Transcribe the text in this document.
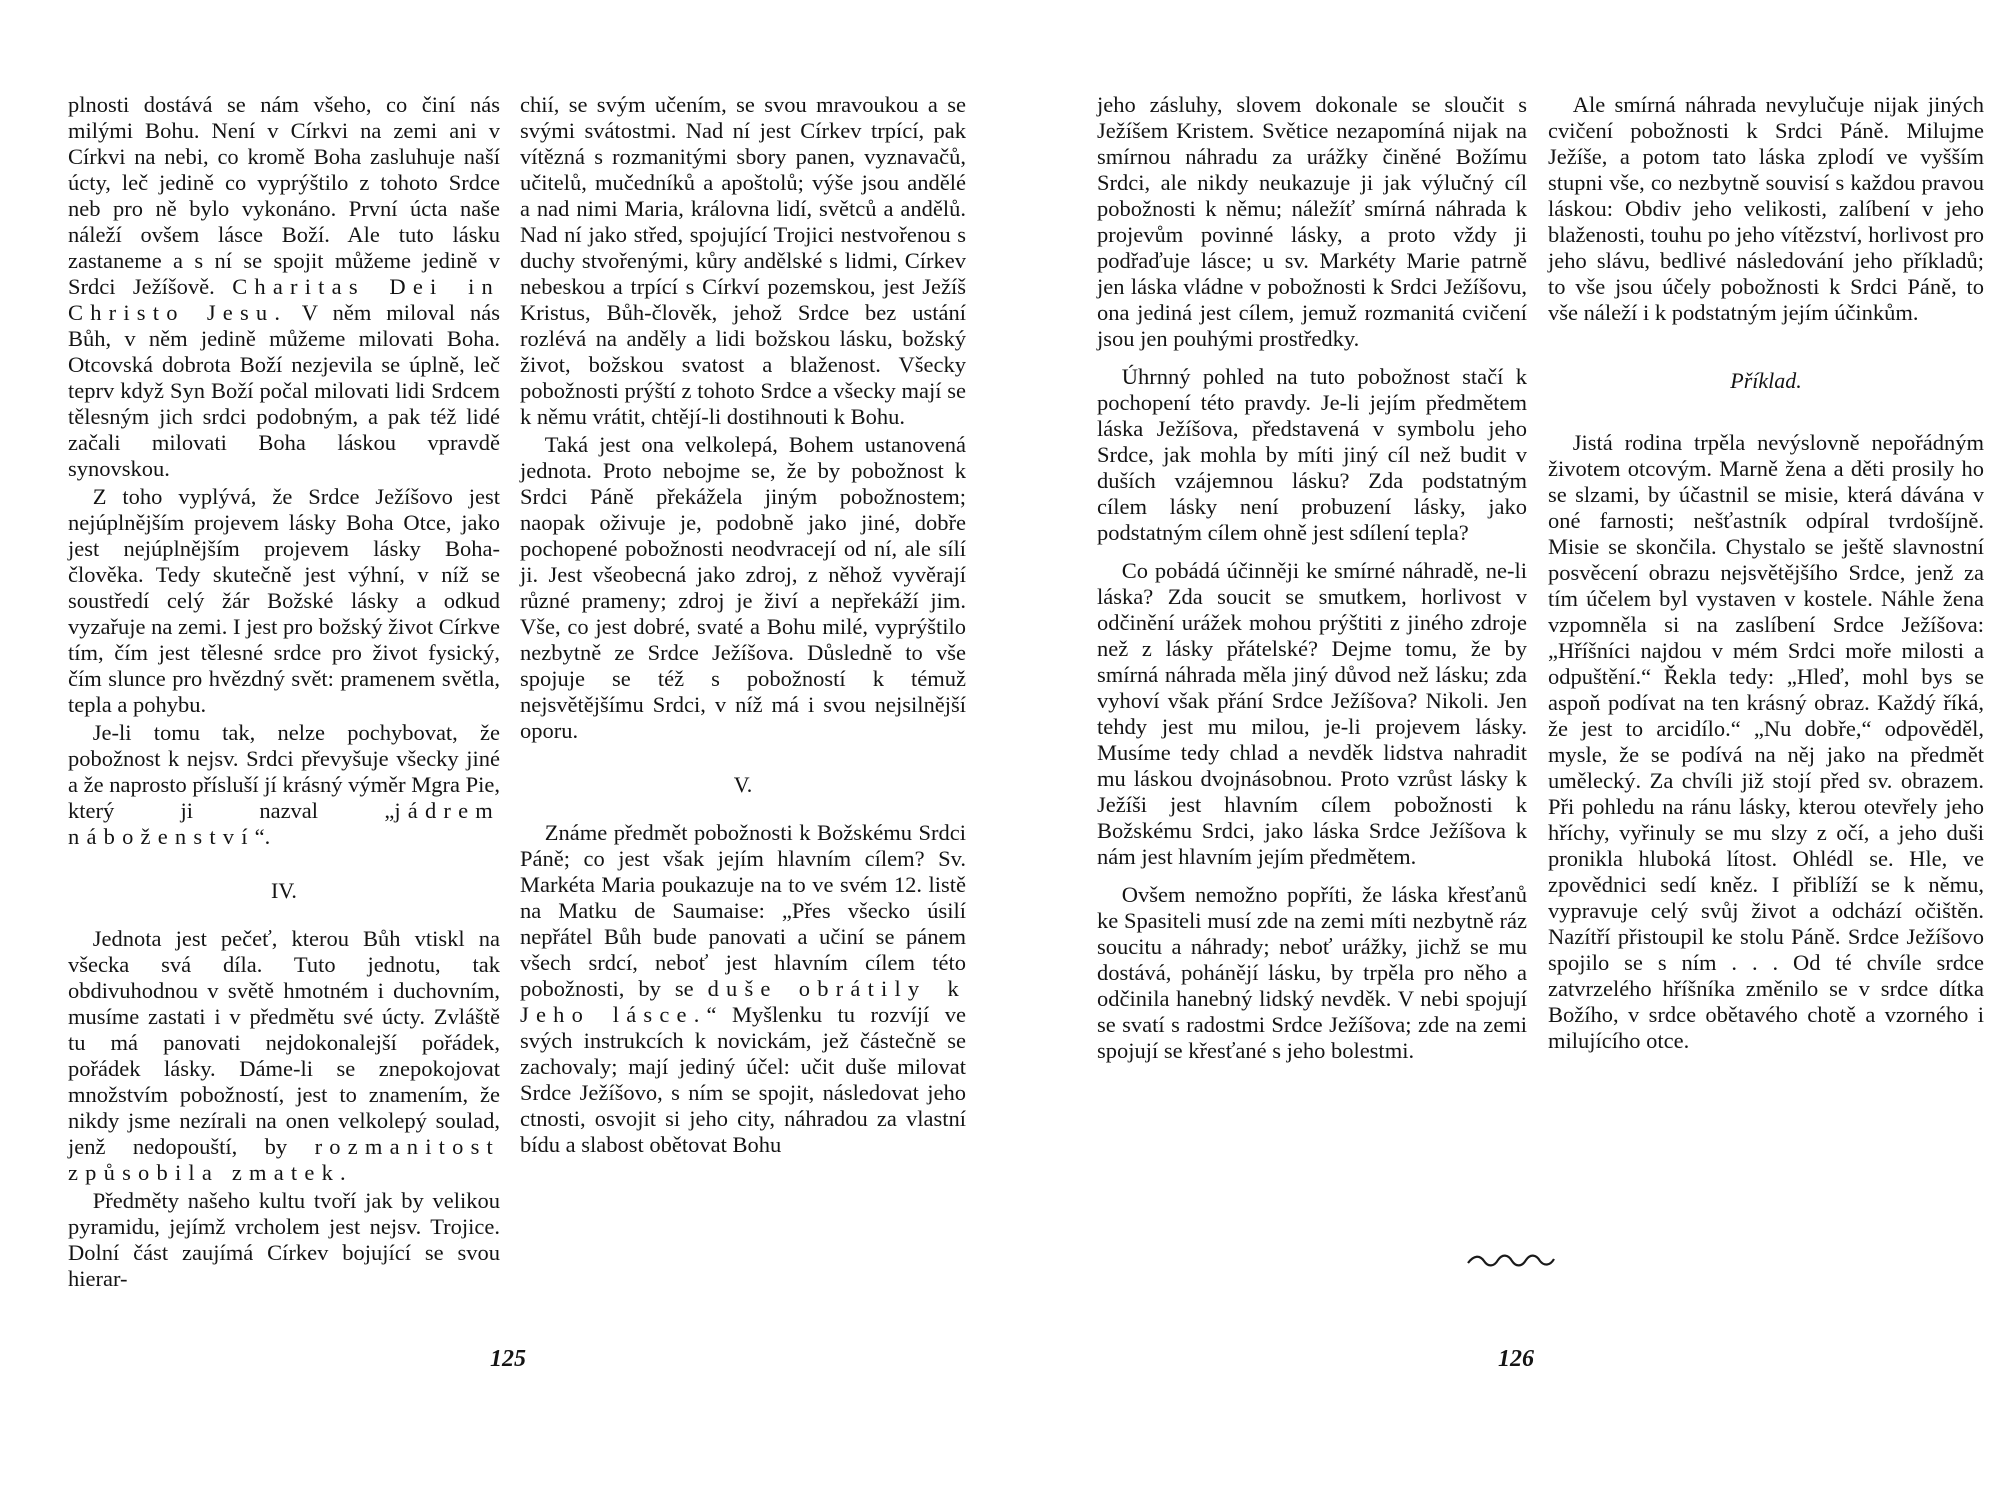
plnosti dostává se nám všeho, co činí nás milými Bohu. Není v Církvi na zemi ani v Církvi na nebi, co kromě Boha zasluhuje naší úcty, leč jedině co vyprýštilo z tohoto Srdce neb pro ně bylo vykonáno. První úcta naše náleží ovšem lásce Boží. Ale tuto lásku zastaneme a s ní se spojit můžeme jedině v Srdci Ježíšově. Charitas Dei in Christo Jesu. V něm miloval nás Bůh, v něm jedině můžeme milovati Boha. Otcovská dobrota Boží nezjevila se úplně, leč teprv když Syn Boží počal milovati lidi Srdcem tělesným jich srdci podobným, a pak též lidé začali milovati Boha láskou vpravdě synovskou.

Z toho vyplývá, že Srdce Ježíšovo jest nejúplnějším projevem lásky Boha Otce, jako jest nejúplnějším projevem lásky Boha-člověka. Tedy skutečně jest výhní, v níž se soustředí celý žár Božské lásky a odkud vyzařuje na zemi. I jest pro božský život Církve tím, čím jest tělesné srdce pro život fysický, čím slunce pro hvězdný svět: pramenem světla, tepla a pohybu.

Je-li tomu tak, nelze pochybovat, že pobožnost k nejsv. Srdci převyšuje všecky jiné a že naprosto přísluší jí krásný výměr Mgra Pie, který ji nazval „jádrem náboženství“.

IV.

Jednota jest pečeť, kterou Bůh vtiskl na všecka svá díla. Tuto jednotu, tak obdivuhodnou v světě hmotném i duchovním, musíme zastati i v předmětu své úcty. Zvláště tu má panovati nejdokonalejší pořádek, pořádek lásky. Dáme-li se znepokojovat množstvím pobožností, jest to znamením, že nikdy jsme nezírali na onen velkolepý soulad, jenž nedopouští, by rozmanitost způsobila zmatek.

Předměty našeho kultu tvoří jak by velikou pyramidu, jejímž vrcholem jest nejsv. Trojice. Dolní část zaujímá Církev bojující se svou hierar-

chií, se svým učením, se svou mravoukou a se svými svátostmi. Nad ní jest Církev trpící, pak vítězná s rozmanitými sbory panen, vyznavačů, učitelů, mučedníků a apoštolů; výše jsou andělé a nad nimi Maria, královna lidí, světců a andělů. Nad ní jako střed, spojující Trojici nestvořenou s duchy stvořenými, kůry andělské s lidmi, Církev nebeskou a trpící s Církví pozemskou, jest Ježíš Kristus, Bůh-člověk, jehož Srdce bez ustání rozlévá na anděly a lidi božskou lásku, božský život, božskou svatost a blaženost. Všecky pobožnosti prýští z tohoto Srdce a všecky mají se k němu vrátit, chtějí-li dostihnouti k Bohu.

Taká jest ona velkolepá, Bohem ustanovená jednota. Proto nebojme se, že by pobožnost k Srdci Páně překážela jiným pobožnostem; naopak oživuje je, podobně jako jiné, dobře pochopené pobožnosti neodvracejí od ní, ale sílí ji. Jest všeobecná jako zdroj, z něhož vyvěrají různé prameny; zdroj je živí a nepřekáží jim. Vše, co jest dobré, svaté a Bohu milé, vyprýštilo nezbytně ze Srdce Ježíšova. Důsledně to vše spojuje se též s pobožností k témuž nejsvětějšímu Srdci, v níž má i svou nejsilnější oporu.

V.

Známe předmět pobožnosti k Božskému Srdci Páně; co jest však jejím hlavním cílem? Sv. Markéta Maria poukazuje na to ve svém 12. listě na Matku de Saumaise: „Přes všecko úsilí nepřátel Bůh bude panovati a učiní se pánem všech srdcí, neboť jest hlavním cílem této pobožnosti, by se duše obrátily k Jeho lásce.“ Myšlenku tu rozvíjí ve svých instrukcích k novickám, jež částečně se zachovaly; mají jediný účel: učit duše milovat Srdce Ježíšovo, s ním se spojit, následovat jeho ctnosti, osvojit si jeho city, náhradou za vlastní bídu a slabost obětovat Bohu

125

jeho zásluhy, slovem dokonale se sloučit s Ježíšem Kristem. Světice nezapomíná nijak na smírnou náhradu za urážky činěné Božímu Srdci, ale nikdy neukazuje ji jak výlučný cíl pobožnosti k němu; náležíť smírná náhrada k projevům povinné lásky, a proto vždy ji podřaďuje lásce; u sv. Markéty Marie patrně jen láska vládne v pobožnosti k Srdci Ježíšovu, ona jediná jest cílem, jemuž rozmanitá cvičení jsou jen pouhými prostředky.

Úhrnný pohled na tuto pobožnost stačí k pochopení této pravdy. Je-li jejím předmětem láska Ježíšova, představená v symbolu jeho Srdce, jak mohla by míti jiný cíl než budit v duších vzájemnou lásku? Zda podstatným cílem lásky není probuzení lásky, jako podstatným cílem ohně jest sdílení tepla?

Co pobádá účinněji ke smírné náhradě, ne-li láska? Zda soucit se smutkem, horlivost v odčinění urážek mohou prýštiti z jiného zdroje než z lásky přátelské? Dejme tomu, že by smírná náhrada měla jiný důvod než lásku; zda vyhoví však přání Srdce Ježíšova? Nikoli. Jen tehdy jest mu milou, je-li projevem lásky. Musíme tedy chlad a nevděk lidstva nahradit mu láskou dvojnásobnou. Proto vzrůst lásky k Ježíši jest hlavním cílem pobožnosti k Božskému Srdci, jako láska Srdce Ježíšova k nám jest hlavním jejím předmětem.

Ovšem nemožno popříti, že láska křesťanů ke Spasiteli musí zde na zemi míti nezbytně ráz soucitu a náhrady; neboť urážky, jichž se mu dostává, pohánějí lásku, by trpěla pro něho a odčinila hanebný lidský nevděk. V nebi spojují se svatí s radostmi Srdce Ježíšova; zde na zemi spojují se křesťané s jeho bolestmi.

Ale smírná náhrada nevylučuje nijak jiných cvičení pobožnosti k Srdci Páně. Milujme Ježíše, a potom tato láska zplodí ve vyšším stupni vše, co nezbytně souvisí s každou pravou láskou: Obdiv jeho velikosti, zalíbení v jeho blaženosti, touhu po jeho vítězství, horlivost pro jeho slávu, bedlivé následování jeho příkladů; to vše jsou účely pobožnosti k Srdci Páně, to vše náleží i k podstatným jejím účinkům.

Příklad.

Jistá rodina trpěla nevýslovně nepořádným životem otcovým. Marně žena a děti prosily ho se slzami, by účastnil se misie, která dávána v oné farnosti; nešťastník odpíral tvrdošíjně. Misie se skončila. Chystalo se ještě slavnostní posvěcení obrazu nejsvětějšího Srdce, jenž za tím účelem byl vystaven v kostele. Náhle žena vzpomněla si na zaslíbení Srdce Ježíšova: „Hříšníci najdou v mém Srdci moře milosti a odpuštění.“ Řekla tedy: „Hleď, mohl bys se aspoň podívat na ten krásný obraz. Každý říká, že jest to arcidílo.“ „Nu dobře,“ odpověděl, mysle, že se podívá na něj jako na předmět umělecký. Za chvíli již stojí před sv. obrazem. Při pohledu na ránu lásky, kterou otevřely jeho hříchy, vyřinuly se mu slzy z očí, a jeho duši pronikla hluboká lítost. Ohlédl se. Hle, ve zpovědnici sedí kněz. I přiblíží se k němu, vypravuje celý svůj život a odchází očištěn. Nazítří přistoupil ke stolu Páně. Srdce Ježíšovo spojilo se s ním . . . Od té chvíle srdce zatvrzelého hříšníka změnilo se v srdce dítka Božího, v srdce obětavého chotě a vzorného i milujícího otce.

126
